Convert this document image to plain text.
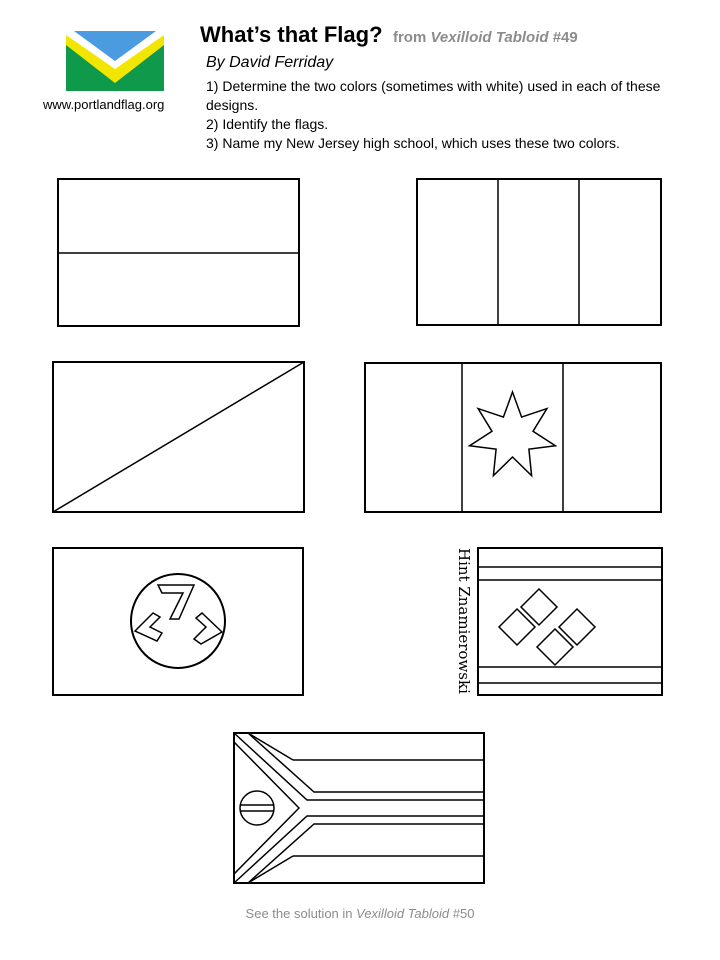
www.portlandflag.org
What’s that Flag? from Vexilloid Tabloid #49
By David Ferriday
1) Determine the two colors (sometimes with white) used in each of these designs.
2) Identify the flags.
3) Name my New Jersey high school, which uses these two colors.
Hint Znamierowski
See the solution in Vexilloid Tabloid #50
